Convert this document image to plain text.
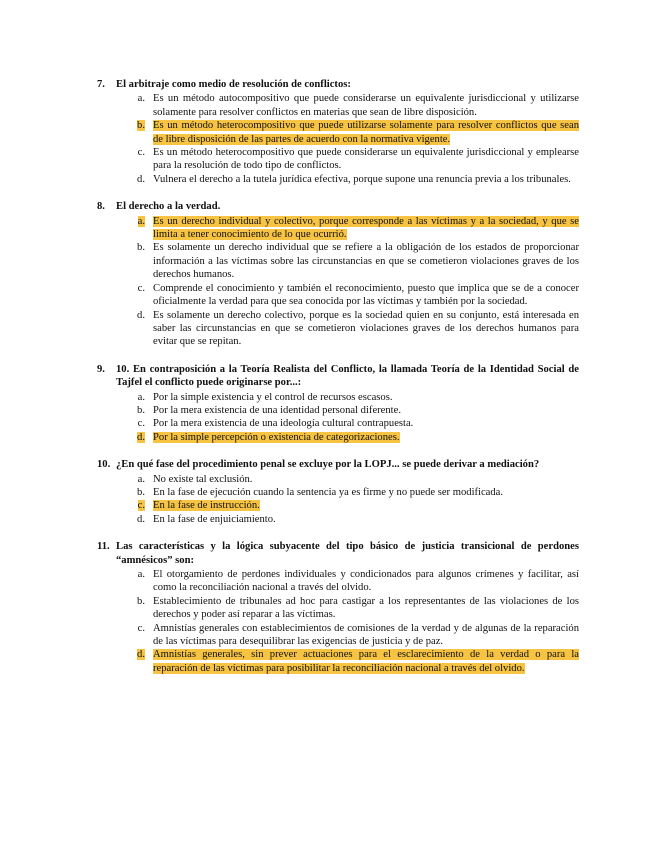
7.	El arbitraje como medio de resolución de conflictos:
a. Es un método autocompositivo que puede considerarse un equivalente jurisdiccional y utilizarse solamente para resolver conflictos en materias que sean de libre disposición.
b. Es un método heterocompositivo que puede utilizarse solamente para resolver conflictos que sean de libre disposición de las partes de acuerdo con la normativa vigente.
c. Es un método heterocompositivo que puede considerarse un equivalente jurisdiccional y emplearse para la resolución de todo tipo de conflictos.
d. Vulnera el derecho a la tutela jurídica efectiva, porque supone una renuncia previa a los tribunales.
8.	El derecho a la verdad.
a. Es un derecho individual y colectivo, porque corresponde a las víctimas y a la sociedad, y que se limita a tener conocimiento de lo que ocurrió.
b. Es solamente un derecho individual que se refiere a la obligación de los estados de proporcionar información a las víctimas sobre las circunstancias en que se cometieron violaciones graves de los derechos humanos.
c. Comprende el conocimiento y también el reconocimiento, puesto que implica que se de a conocer oficialmente la verdad para que sea conocida por las víctimas y también por la sociedad.
d. Es solamente un derecho colectivo, porque es la sociedad quien en su conjunto, está interesada en saber las circunstancias en que se cometieron violaciones graves de los derechos humanos para evitar que se repitan.
9.	10. En contraposición a la Teoría Realista del Conflicto, la llamada Teoría de la Identidad Social de Tajfel el conflicto puede originarse por...:
a. Por la simple existencia y el control de recursos escasos.
b. Por la mera existencia de una identidad personal diferente.
c. Por la mera existencia de una ideología cultural contrapuesta.
d. Por la simple percepción o existencia de categorizaciones.
10. ¿En qué fase del procedimiento penal se excluye por la LOPJ... se puede derivar a mediación?
a. No existe tal exclusión.
b. En la fase de ejecución cuando la sentencia ya es firme y no puede ser modificada.
c. En la fase de instrucción.
d. En la fase de enjuiciamiento.
11. Las características y la lógica subyacente del tipo básico de justicia transicional de perdones “amnésicos” son:
a. El otorgamiento de perdones individuales y condicionados para algunos crímenes y facilitar, así como la reconciliación nacional a través del olvido.
b. Establecimiento de tribunales ad hoc para castigar a los representantes de las violaciones de los derechos y poder así reparar a las víctimas.
c. Amnistías generales con establecimientos de comisiones de la verdad y de algunas de la reparación de las víctimas para desequilibrar las exigencias de justicia y de paz.
d. Amnistías generales, sin prever actuaciones para el esclarecimiento de la verdad o para la reparación de las víctimas para posibilitar la reconciliación nacional a través del olvido.
